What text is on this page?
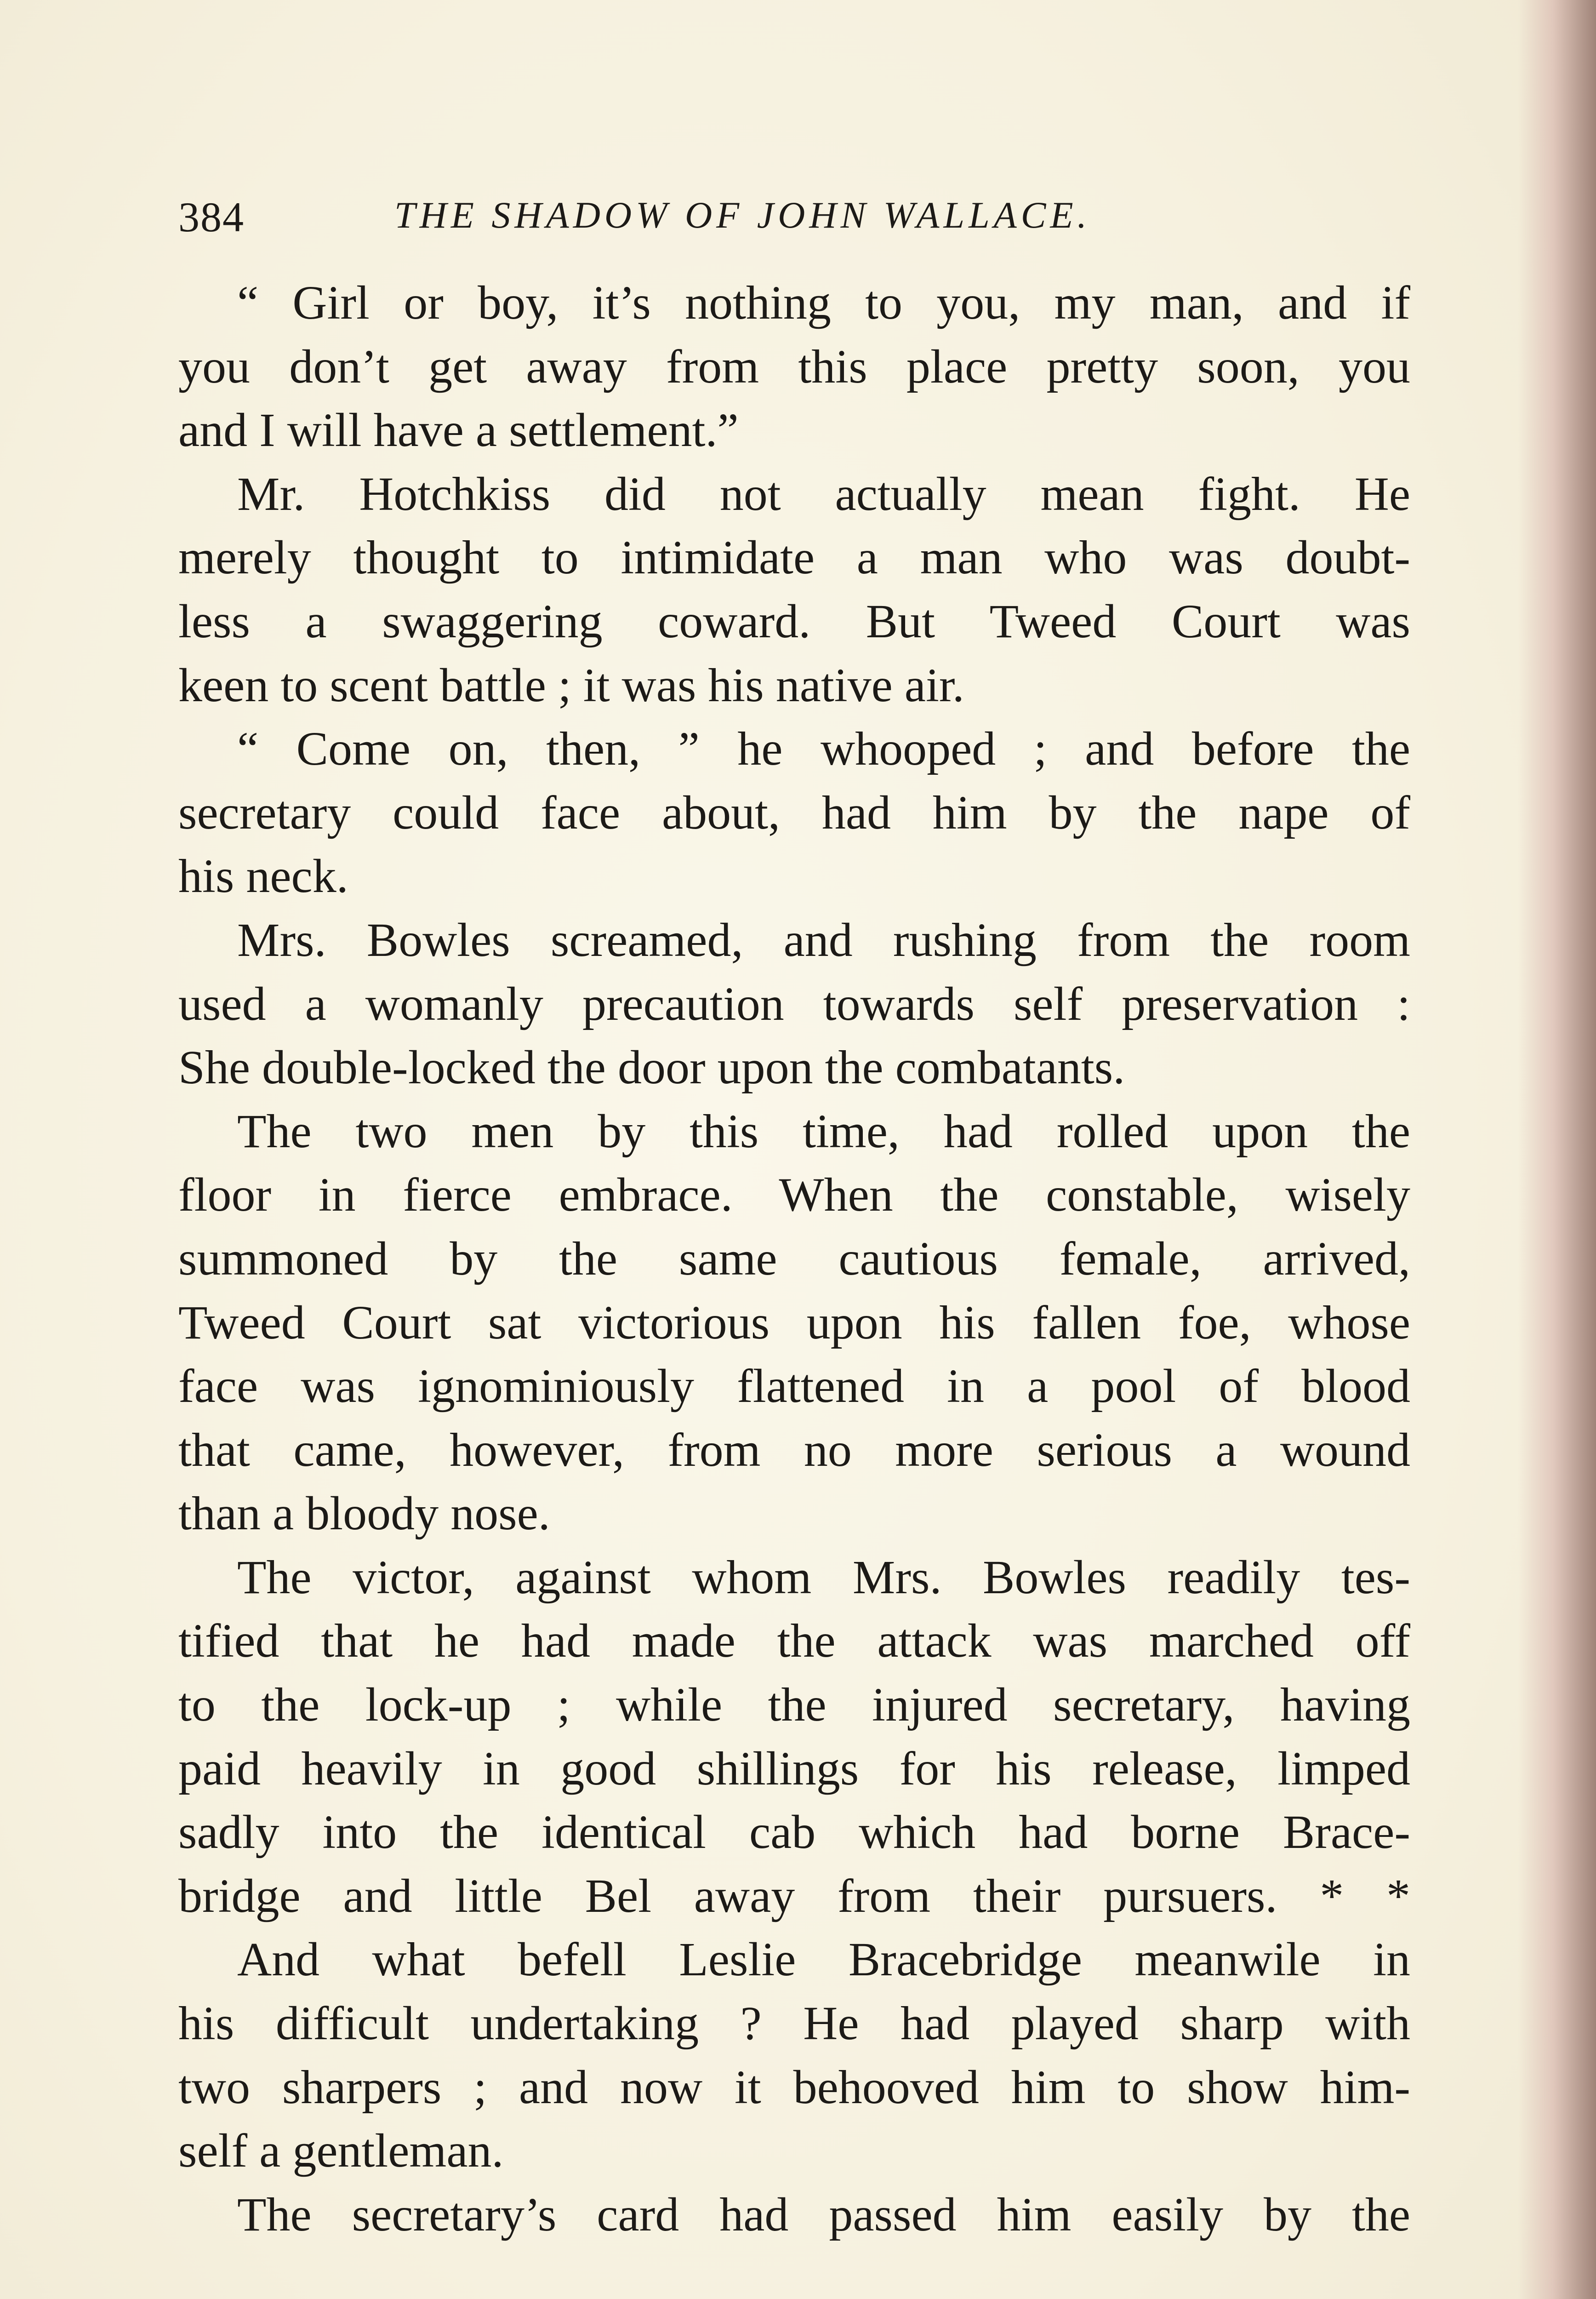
384	THE SHADOW OF JOHN WALLACE.
“ Girl or boy, it’s nothing to you, my man, and if
you don’t get away from this place pretty soon, you
and I will have a settlement.”
Mr. Hotchkiss did not actually mean fight. He
merely thought to intimidate a man who was doubt-
less a swaggering coward. But Tweed Court was
keen to scent battle ; it was his native air.
“ Come on, then, ” he whooped ; and before the
secretary could face about, had him by the nape of
his neck.
Mrs. Bowles screamed, and rushing from the room
used a womanly precaution towards self preservation :
She double-locked the door upon the combatants.
The two men by this time, had rolled upon the
floor in fierce embrace. When the constable, wisely
summoned by the same cautious female, arrived,
Tweed Court sat victorious upon his fallen foe, whose
face was ignominiously flattened in a pool of blood
that came, however, from no more serious a wound
than a bloody nose.
The victor, against whom Mrs. Bowles readily tes-
tified that he had made the attack was marched off
to the lock-up ; while the injured secretary, having
paid heavily in good shillings for his release, limped
sadly into the identical cab which had borne Brace-
bridge and little Bel away from their pursuers. * *
And what befell Leslie Bracebridge meanwile in
his difficult undertaking ? He had played sharp with
two sharpers ; and now it behooved him to show him-
self a gentleman.
The secretary’s card had passed him easily by the
